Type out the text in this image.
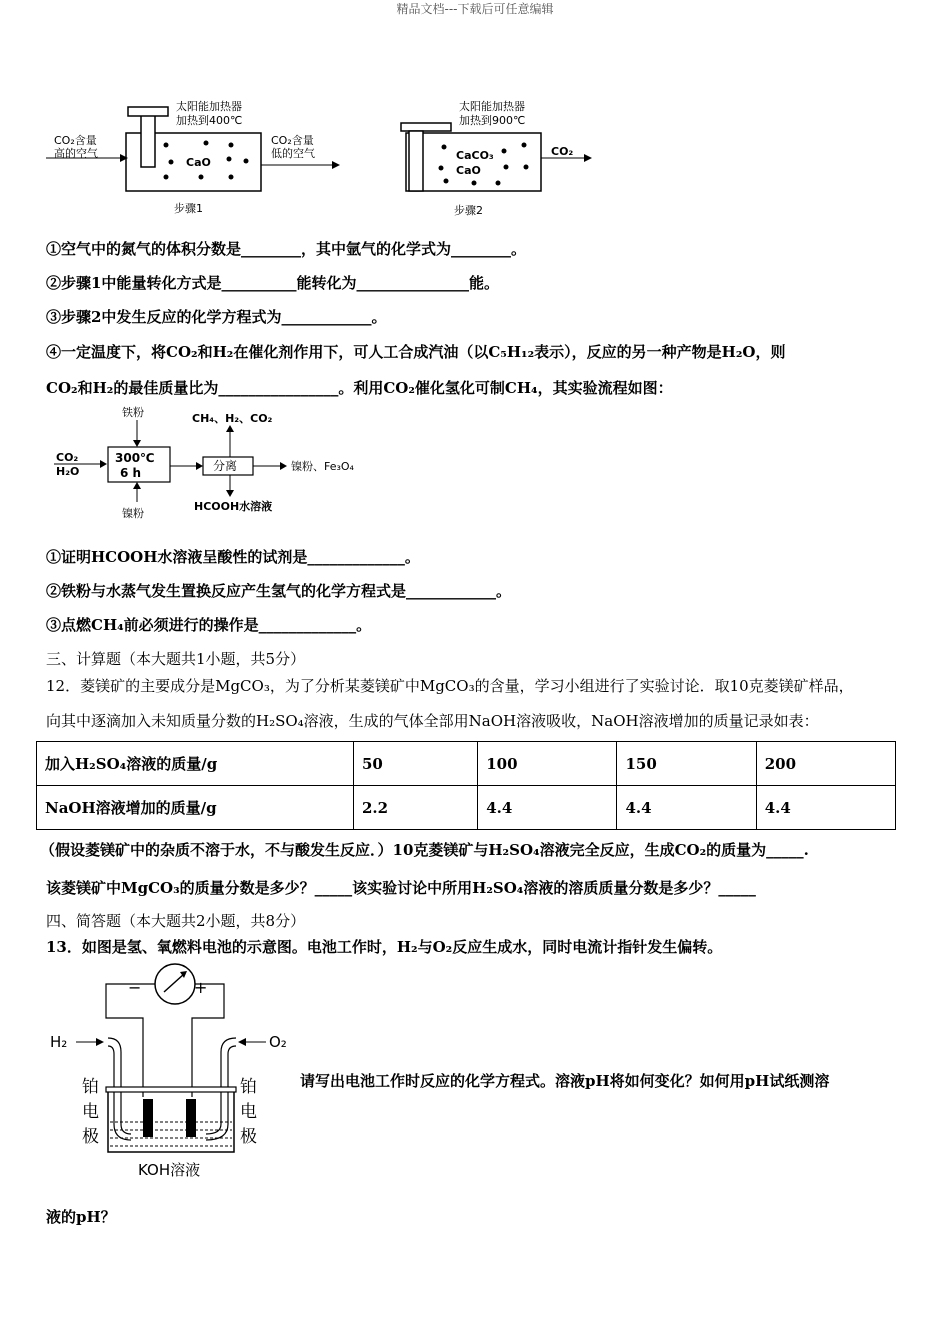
精品文档---下载后可任意编辑
CaO
太阳能加热器
加热到400℃
CO₂含量
高的空气
CO₂含量
低的空气
步骤1
CaCO₃
CaO
太阳能加热器
加热到900℃
CO₂
步骤2
①空气中的氮气的体积分数是________，其中氩气的化学式为________。
②步骤1中能量转化方式是__________能转化为_______________能。
③步骤2中发生反应的化学方程式为____________。
④一定温度下，将CO₂和H₂在催化剂作用下，可人工合成汽油（以C₅H₁₂表示），反应的另一种产物是H₂O，则
CO₂和H₂的最佳质量比为________________。利用CO₂催化氢化可制CH₄，其实验流程如图：
铁粉
CO₂
H₂O
300℃
6 h
镍粉
分离
CH₄、H₂、CO₂
镍粉、Fe₃O₄
HCOOH水溶液
①证明HCOOH水溶液呈酸性的试剂是_____________。
②铁粉与水蒸气发生置换反应产生氢气的化学方程式是____________。
③点燃CH₄前必须进行的操作是_____________。
三、计算题（本大题共1小题，共5分）
12．菱镁矿的主要成分是MgCO₃，为了分析某菱镁矿中MgCO₃的含量，学习小组进行了实验讨论．取10克菱镁矿样品，
向其中逐滴加入未知质量分数的H₂SO₄溶液，生成的气体全部用NaOH溶液吸收，NaOH溶液增加的质量记录如表：
加入H₂SO₄溶液的质量/g	50	100	150	200
NaOH溶液增加的质量/g	2.2	4.4	4.4	4.4
（假设菱镁矿中的杂质不溶于水，不与酸发生反应．）10克菱镁矿与H₂SO₄溶液完全反应，生成CO₂的质量为_____.
该菱镁矿中MgCO₃的质量分数是多少？_____该实验讨论中所用H₂SO₄溶液的溶质质量分数是多少？_____
四、简答题（本大题共2小题，共8分）
13．如图是氢、氧燃料电池的示意图。电池工作时，H₂与O₂反应生成水，同时电流计指针发生偏转。
−	+
H₂	O₂
铂
电
极
铂
电
极
KOH溶液
请写出电池工作时反应的化学方程式。溶液pH将如何变化？如何用pH试纸测溶
液的pH？
